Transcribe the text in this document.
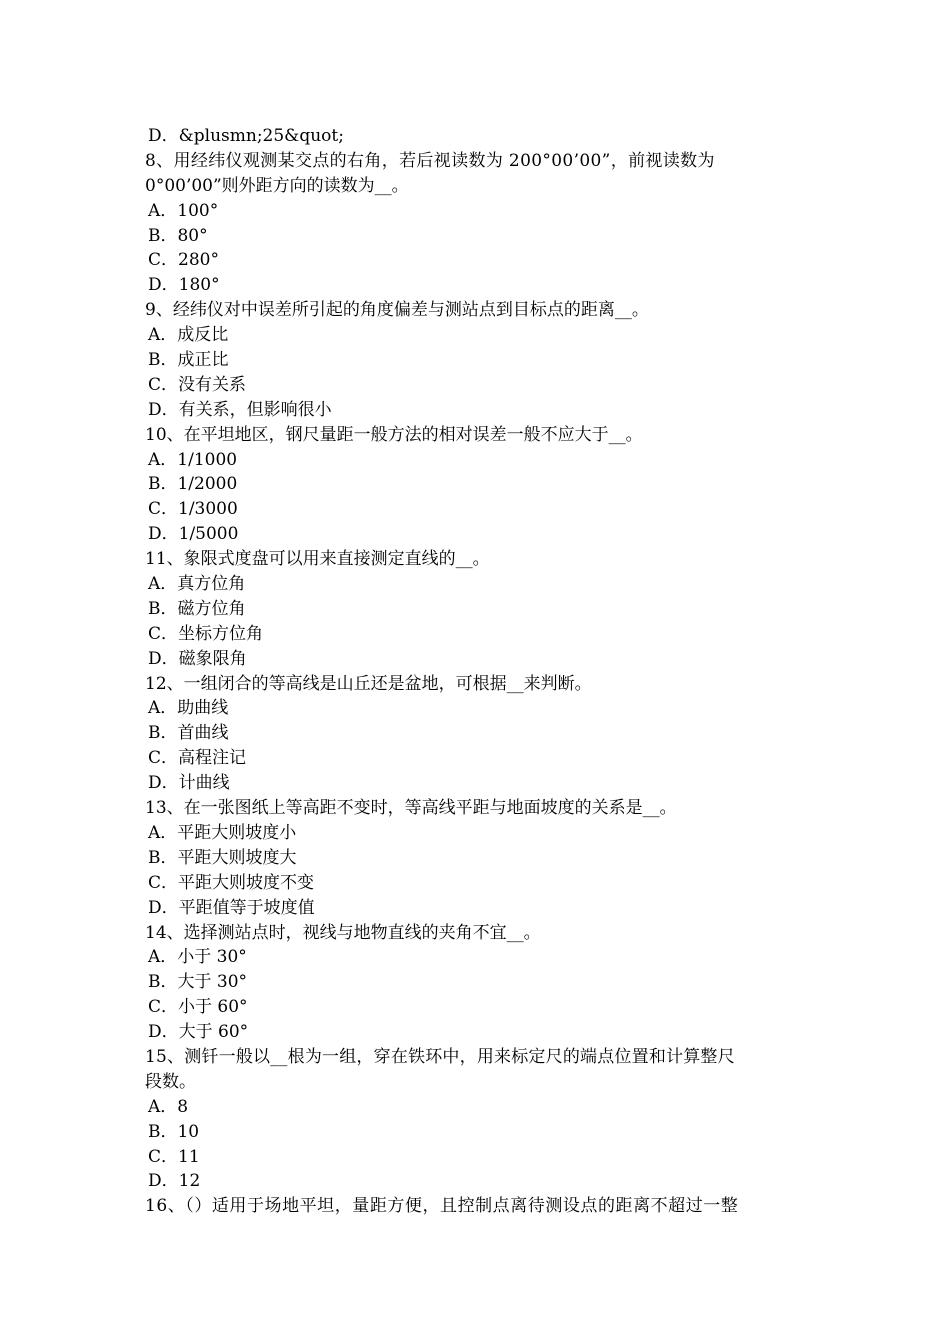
D．&plusmn;25&quot;
8、用经纬仪观测某交点的右角，若后视读数为 200°00’00”，前视读数为
0°00’00”则外距方向的读数为__。
A．100°
B．80°
C．280°
D．180°
9、经纬仪对中误差所引起的角度偏差与测站点到目标点的距离__。
A．成反比
B．成正比
C．没有关系
D．有关系，但影响很小
10、在平坦地区，钢尺量距一般方法的相对误差一般不应大于__。
A．1/1000
B．1/2000
C．1/3000
D．1/5000
11、象限式度盘可以用来直接测定直线的__。
A．真方位角
B．磁方位角
C．坐标方位角
D．磁象限角
12、一组闭合的等高线是山丘还是盆地，可根据__来判断。
A．助曲线
B．首曲线
C．高程注记
D．计曲线
13、在一张图纸上等高距不变时，等高线平距与地面坡度的关系是__。
A．平距大则坡度小
B．平距大则坡度大
C．平距大则坡度不变
D．平距值等于坡度值
14、选择测站点时，视线与地物直线的夹角不宜__。
A．小于 30°
B．大于 30°
C．小于 60°
D．大于 60°
15、测钎一般以__根为一组，穿在铁环中，用来标定尺的端点位置和计算整尺
段数。
A．8
B．10
C．11
D．12
16、（）适用于场地平坦，量距方便，且控制点离待测设点的距离不超过一整
